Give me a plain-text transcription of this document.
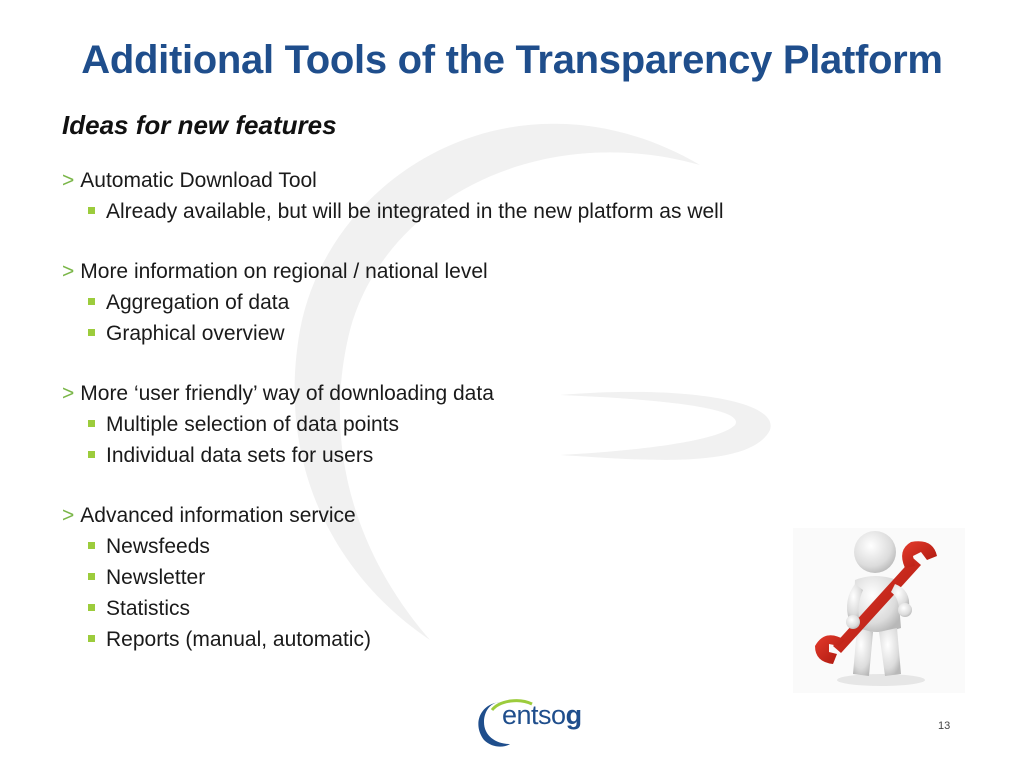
Additional Tools of the Transparency Platform
Ideas for new features
> Automatic Download Tool
Already available, but will be integrated in the new platform as well
> More information on regional / national level
Aggregation of data
Graphical overview
> More ‘user friendly’ way of downloading data
Multiple selection of data points
Individual data sets for users
> Advanced information service
Newsfeeds
Newsletter
Statistics
Reports (manual, automatic)
entsog	13
